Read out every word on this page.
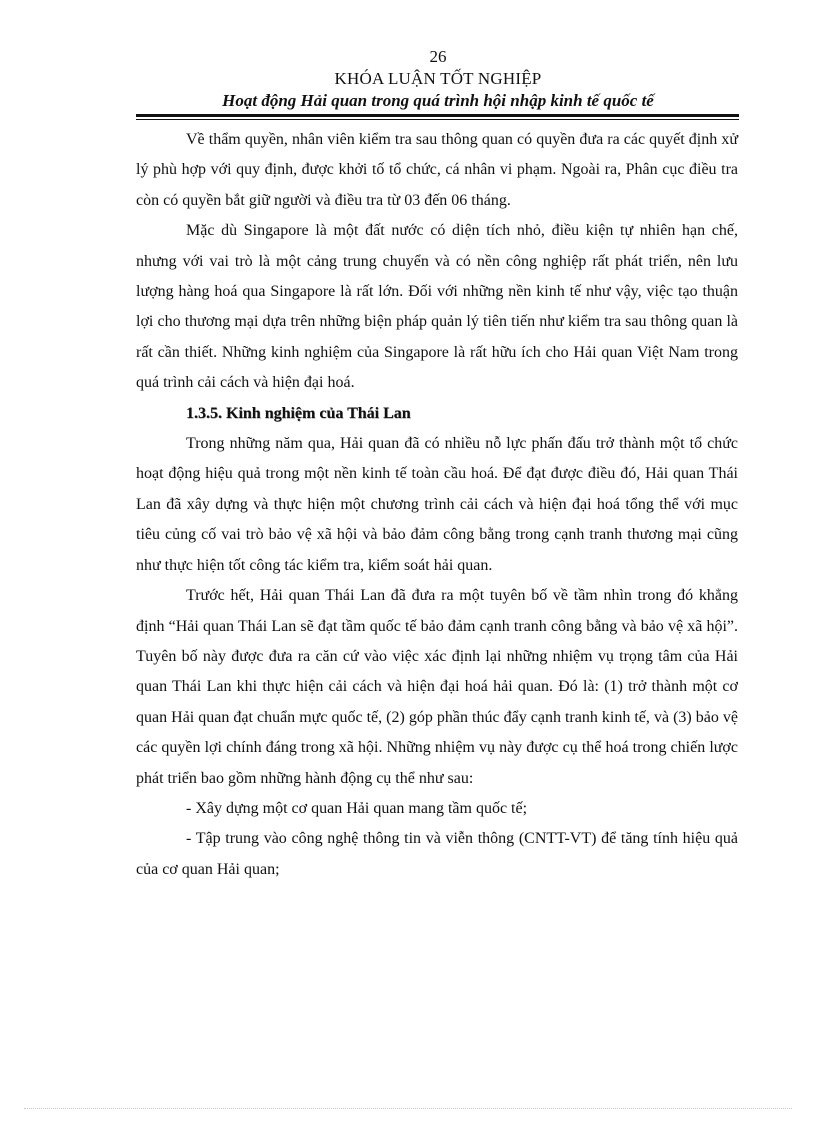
26
KHÓA LUẬN TỐT NGHIỆP
Hoạt động Hải quan trong quá trình hội nhập kinh tế quốc tế

Về thẩm quyền, nhân viên kiểm tra sau thông quan có quyền đưa ra các quyết định xử lý phù hợp với quy định, được khởi tố tổ chức, cá nhân vi phạm. Ngoài ra, Phân cục điều tra còn có quyền bắt giữ người và điều tra từ 03 đến 06 tháng.

Mặc dù Singapore là một đất nước có diện tích nhỏ, điều kiện tự nhiên hạn chế, nhưng với vai trò là một cảng trung chuyển và có nền công nghiệp rất phát triển, nên lưu lượng hàng hoá qua Singapore là rất lớn. Đối với những nền kinh tế như vậy, việc tạo thuận lợi cho thương mại dựa trên những biện pháp quản lý tiên tiến như kiểm tra sau thông quan là rất cần thiết. Những kinh nghiệm của Singapore là rất hữu ích cho Hải quan Việt Nam trong quá trình cải cách và hiện đại hoá.

1.3.5. Kinh nghiệm của Thái Lan

Trong những năm qua, Hải quan đã có nhiều nỗ lực phấn đấu trở thành một tổ chức hoạt động hiệu quả trong một nền kinh tế toàn cầu hoá. Để đạt được điều đó, Hải quan Thái Lan đã xây dựng và thực hiện một chương trình cải cách và hiện đại hoá tổng thể với mục tiêu củng cố vai trò bảo vệ xã hội và bảo đảm công bằng trong cạnh tranh thương mại cũng như thực hiện tốt công tác kiểm tra, kiểm soát hải quan.

Trước hết, Hải quan Thái Lan đã đưa ra một tuyên bố về tầm nhìn trong đó khẳng định “Hải quan Thái Lan sẽ đạt tầm quốc tế bảo đảm cạnh tranh công bằng và bảo vệ xã hội”. Tuyên bố này được đưa ra căn cứ vào việc xác định lại những nhiệm vụ trọng tâm của Hải quan Thái Lan khi thực hiện cải cách và hiện đại hoá hải quan. Đó là: (1) trở thành một cơ quan Hải quan đạt chuẩn mực quốc tế, (2) góp phần thúc đẩy cạnh tranh kinh tế, và (3) bảo vệ các quyền lợi chính đáng trong xã hội. Những nhiệm vụ này được cụ thể hoá trong chiến lược phát triển bao gồm những hành động cụ thể như sau:

- Xây dựng một cơ quan Hải quan mang tầm quốc tế;

- Tập trung vào công nghệ thông tin và viễn thông (CNTT-VT) để tăng tính hiệu quả của cơ quan Hải quan;
